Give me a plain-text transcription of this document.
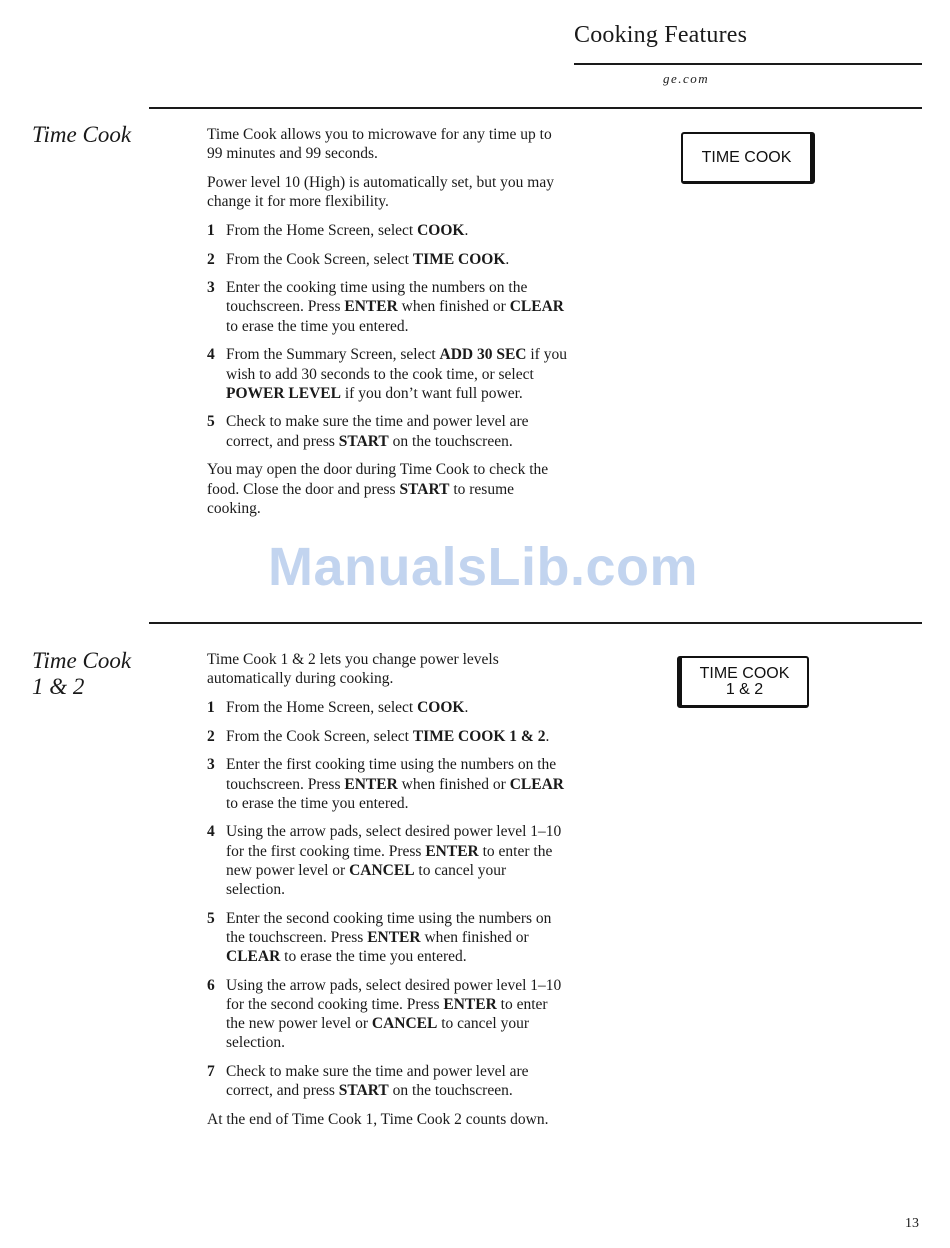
Cooking Features
ge.com
Time Cook	Time Cook allows you to microwave for any time up to 99 minutes and 99 seconds.

Power level 10 (High) is automatically set, but you may change it for more flexibility.

1 From the Home Screen, select COOK.
2 From the Cook Screen, select TIME COOK.
3 Enter the cooking time using the numbers on the touchscreen. Press ENTER when finished or CLEAR to erase the time you entered.
4 From the Summary Screen, select ADD 30 SEC if you wish to add 30 seconds to the cook time, or select POWER LEVEL if you don’t want full power.
5 Check to make sure the time and power level are correct, and press START on the touchscreen.

You may open the door during Time Cook to check the food. Close the door and press START to resume cooking.

TIME COOK
Time Cook
1 & 2

Time Cook 1 & 2 lets you change power levels automatically during cooking.

1 From the Home Screen, select COOK.
2 From the Cook Screen, select TIME COOK 1 & 2.
3 Enter the first cooking time using the numbers on the touchscreen. Press ENTER when finished or CLEAR to erase the time you entered.
4 Using the arrow pads, select desired power level 1–10 for the first cooking time. Press ENTER to enter the new power level or CANCEL to cancel your selection.
5 Enter the second cooking time using the numbers on the touchscreen. Press ENTER when finished or CLEAR to erase the time you entered.
6 Using the arrow pads, select desired power level 1–10 for the second cooking time. Press ENTER to enter the new power level or CANCEL to cancel your selection.
7 Check to make sure the time and power level are correct, and press START on the touchscreen.

At the end of Time Cook 1, Time Cook 2 counts down.

TIME COOK
1 & 2
ManualsLib.com
13
